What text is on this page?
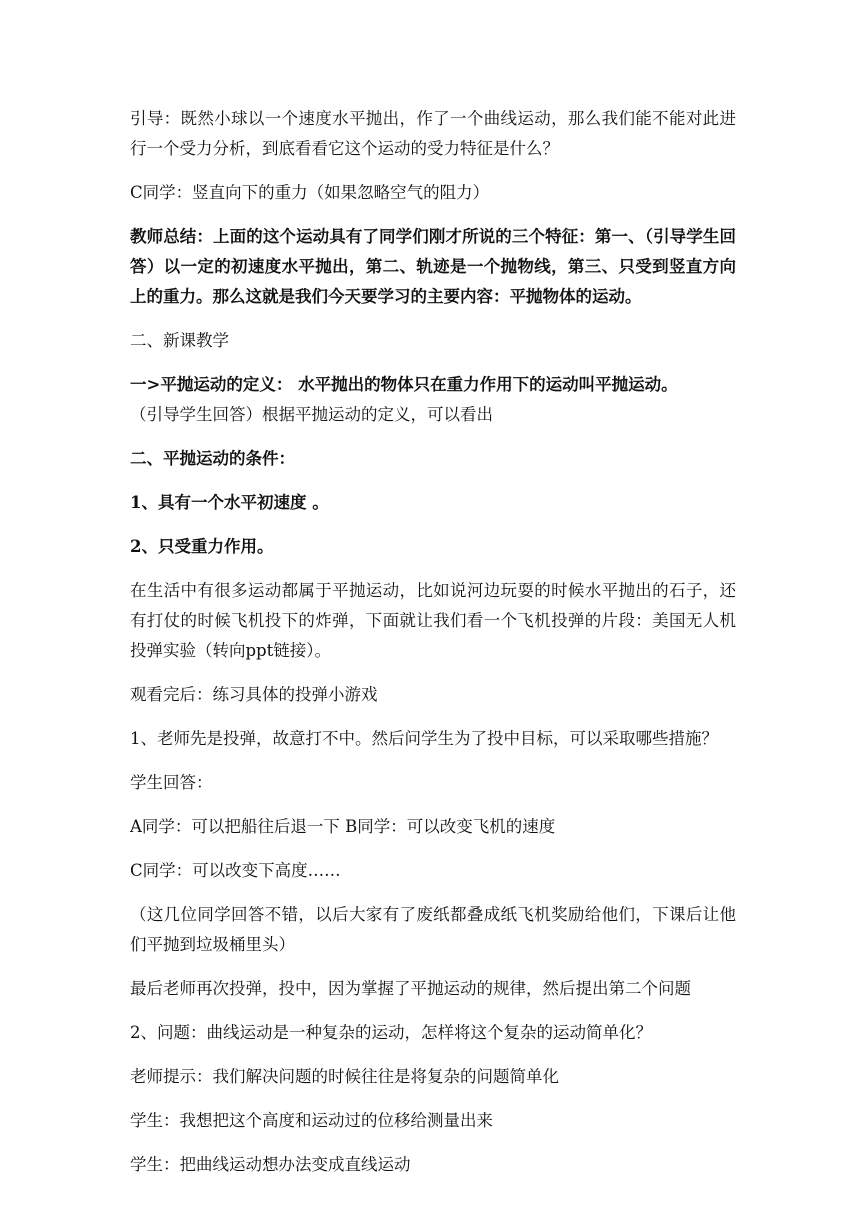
引导：既然小球以一个速度水平抛出，作了一个曲线运动，那么我们能不能对此进行一个受力分析，到底看看它这个运动的受力特征是什么？

C同学：竖直向下的重力（如果忽略空气的阻力）

教师总结：上面的这个运动具有了同学们刚才所说的三个特征：第一、（引导学生回答）以一定的初速度水平抛出，第二、轨迹是一个抛物线，第三、只受到竖直方向上的重力。那么这就是我们今天要学习的主要内容：平抛物体的运动。

二、新课教学

一>平抛运动的定义： 水平抛出的物体只在重力作用下的运动叫平抛运动。

（引导学生回答）根据平抛运动的定义，可以看出

二、平抛运动的条件：

1、具有一个水平初速度 。

2、只受重力作用。

在生活中有很多运动都属于平抛运动，比如说河边玩耍的时候水平抛出的石子，还有打仗的时候飞机投下的炸弹，下面就让我们看一个飞机投弹的片段：美国无人机投弹实验（转向ppt链接）。

观看完后：练习具体的投弹小游戏

1、老师先是投弹，故意打不中。然后问学生为了投中目标，可以采取哪些措施？

学生回答：

A同学：可以把船往后退一下 B同学：可以改变飞机的速度

C同学：可以改变下高度……

（这几位同学回答不错，以后大家有了废纸都叠成纸飞机奖励给他们，下课后让他们平抛到垃圾桶里头）

最后老师再次投弹，投中，因为掌握了平抛运动的规律，然后提出第二个问题

2、问题：曲线运动是一种复杂的运动，怎样将这个复杂的运动简单化？

老师提示：我们解决问题的时候往往是将复杂的问题简单化

学生：我想把这个高度和运动过的位移给测量出来

学生：把曲线运动想办法变成直线运动
